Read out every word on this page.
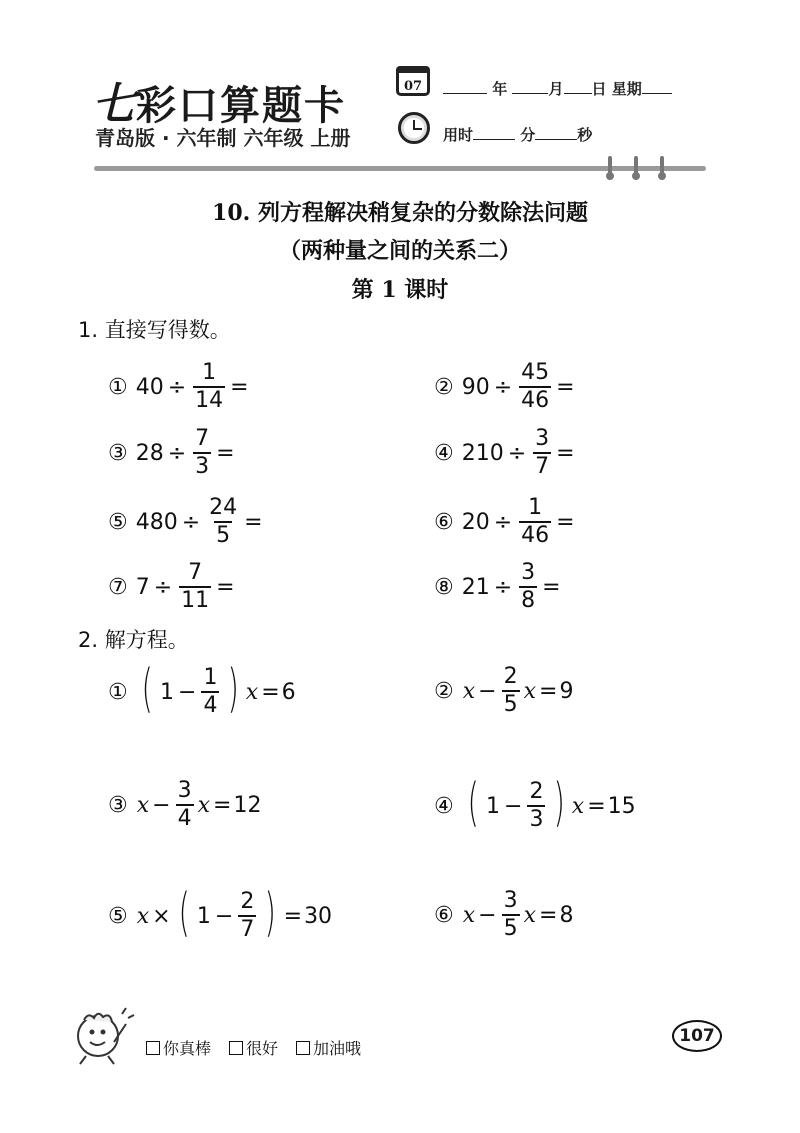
七彩口算题卡
青岛版 · 六年制 六年级 上册
$_{07}$	年	月 日 星期
用时	分	秒
10. 列方程解决稍复杂的分数除法问题
（两种量之间的关系二）
第 1 课时
1. 直接写得数。
① $40 \div \frac{1}{14}$ =	② $90 \div \frac{45}{46}$ =
③ $28 \div \frac{7}{3}$ =	④ $210 \div \frac{3}{7}$ =
⑤ $480 \div \frac{24}{5}$ =	⑥ $20 \div \frac{1}{46}$ =
⑦ $7 \div \frac{7}{11}$ =	⑧ $21 \div \frac{3}{8}$ =
2. 解方程。
① ( $1 - \frac{1}{4}$ ) x = 6	② $x - \frac{2}{5}$ x = 9
③ $x - \frac{3}{4}$ x = 12	④ ( $1 - \frac{2}{3}$ ) x = 15
⑤ x × ( $1 - \frac{2}{7}$ ) = 30	⑥ $x - \frac{3}{5}$ x = 8
你真棒	很好	加油哦
107
